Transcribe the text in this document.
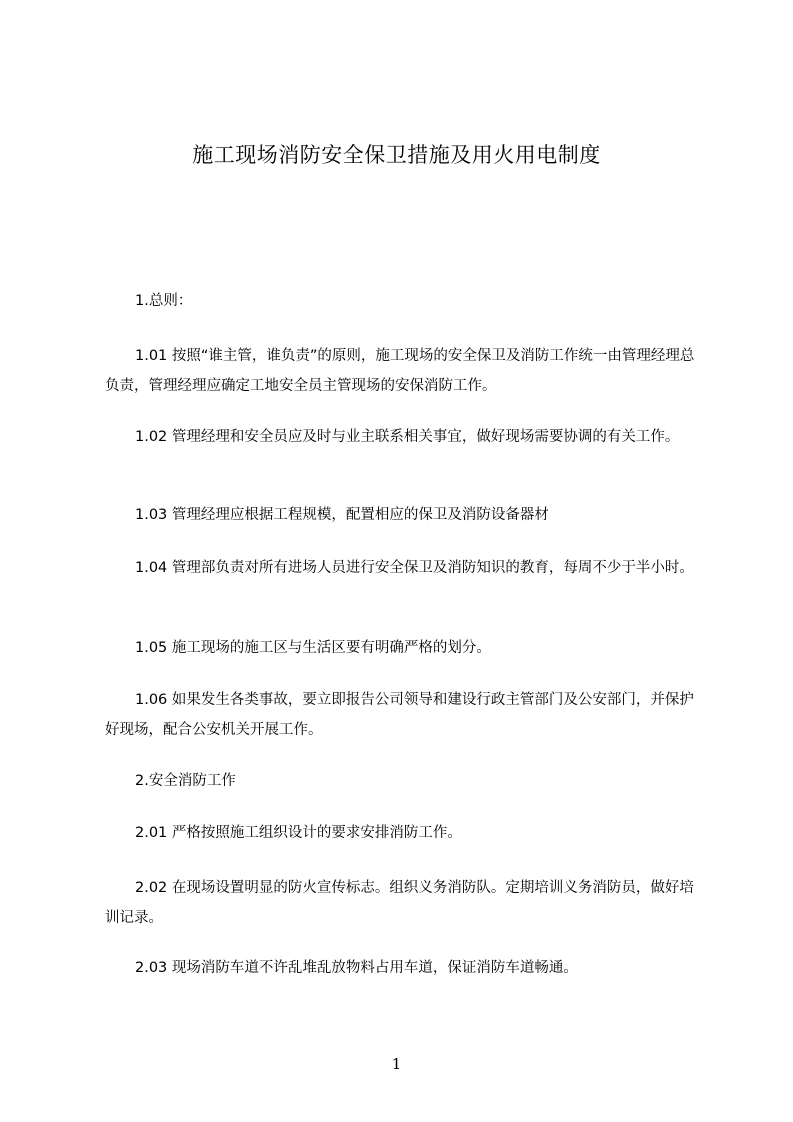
施工现场消防安全保卫措施及用火用电制度

1.总则：

1.01 按照“谁主管，谁负责”的原则，施工现场的安全保卫及消防工作统一由管理经理总负责，管理经理应确定工地安全员主管现场的安保消防工作。

1.02 管理经理和安全员应及时与业主联系相关事宜，做好现场需要协调的有关工作。

1.03 管理经理应根据工程规模，配置相应的保卫及消防设备器材

1.04 管理部负责对所有进场人员进行安全保卫及消防知识的教育，每周不少于半小时。

1.05 施工现场的施工区与生活区要有明确严格的划分。

1.06 如果发生各类事故，要立即报告公司领导和建设行政主管部门及公安部门，并保护好现场，配合公安机关开展工作。

2.安全消防工作

2.01 严格按照施工组织设计的要求安排消防工作。

2.02 在现场设置明显的防火宣传标志。组织义务消防队。定期培训义务消防员，做好培训记录。

2.03 现场消防车道不许乱堆乱放物料占用车道，保证消防车道畅通。

1
